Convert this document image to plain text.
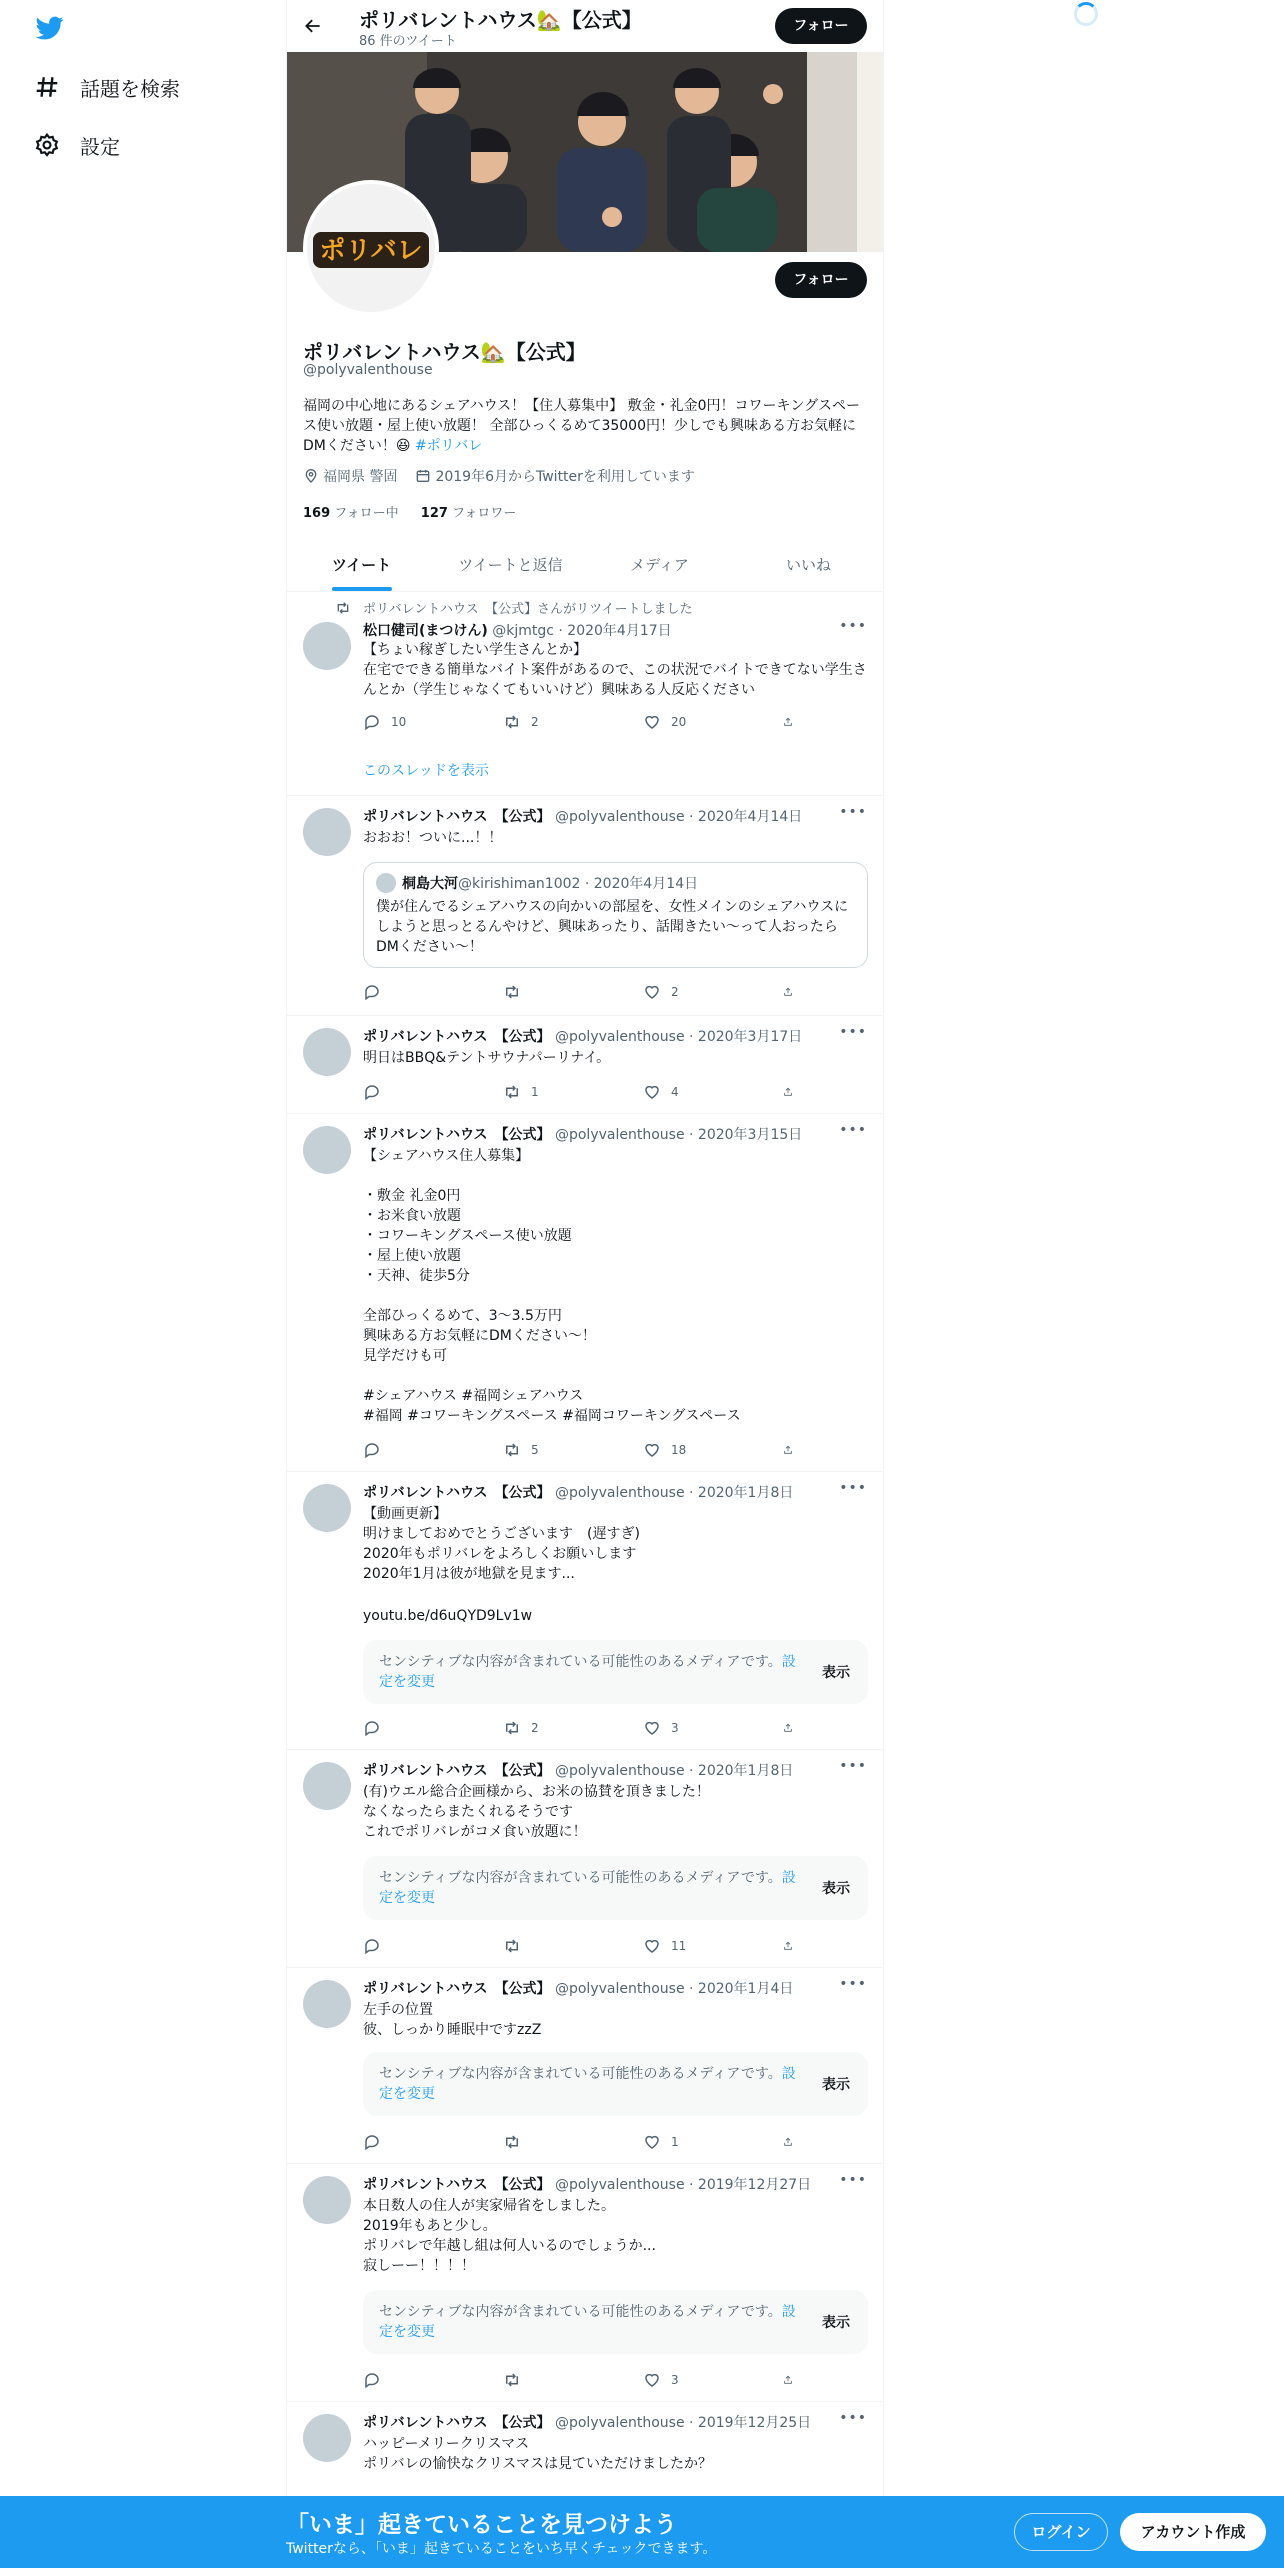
話題を検索
設定
ポリバレントハウス🏡【公式】
86 件のツイート
フォロー
ポリバレ
フォロー
ポリバレントハウス🏡【公式】
@polyvalenthouse
福岡の中心地にあるシェアハウス！【住人募集中】 敷金・礼金0円！コワーキングスペース使い放題・屋上使い放題！ 全部ひっくるめて35000円！少しでも興味ある方お気軽にDMください！😆 #ポリバレ
福岡県 警固	2019年6月からTwitterを利用しています
169 フォロー中 127 フォロワー
ツイート	ツイートと返信	メディア	いいね
ポリバレントハウス　【公式】さんがリツイートしました
松口健司(まつけん) @kjmtgc · 2020年4月17日	•••
【ちょい稼ぎしたい学生さんとか】
在宅でできる簡単なバイト案件があるので、この状況でバイトできてない学生さんとか（学生じゃなくてもいいけど）興味ある人反応ください
10	2	20
このスレッドを表示
ポリバレントハウス　【公式】 @polyvalenthouse · 2020年4月14日	•••
おおお！ついに...！！
桐島大河 @kirishiman1002 · 2020年4月14日
僕が住んでるシェアハウスの向かいの部屋を、女性メインのシェアハウスにしようと思っとるんやけど、興味あったり、話聞きたい〜って人おったらDMください〜！
2
ポリバレントハウス　【公式】 @polyvalenthouse · 2020年3月17日	•••
明日はBBQ&テントサウナパーリナイ。
1	4
ポリバレントハウス　【公式】 @polyvalenthouse · 2020年3月15日	•••
【シェアハウス住人募集】

・敷金 礼金0円
・お米食い放題
・コワーキングスペース使い放題
・屋上使い放題
・天神、徒歩5分

全部ひっくるめて、3〜3.5万円
興味ある方お気軽にDMください〜！
見学だけも可
#シェアハウス #福岡シェアハウス
#福岡 #コワーキングスペース #福岡コワーキングスペース
5	18
ポリバレントハウス　【公式】 @polyvalenthouse · 2020年1月8日	•••
【動画更新】
明けましておめでとうございます　(遅すぎ)
2020年もポリバレをよろしくお願いします
2020年1月は彼が地獄を見ます...
youtu.be/d6uQYD9Lv1w
センシティブな内容が含まれている可能性のあるメディアです。設定を変更
表示
2	3
ポリバレントハウス　【公式】 @polyvalenthouse · 2020年1月8日	•••
(有)ウエル総合企画様から、お米の協賛を頂きました！
なくなったらまたくれるそうです
これでポリバレがコメ食い放題に！
センシティブな内容が含まれている可能性のあるメディアです。設定を変更
表示
11
ポリバレントハウス　【公式】 @polyvalenthouse · 2020年1月4日	•••
左手の位置
彼、しっかり睡眠中ですzzZ
センシティブな内容が含まれている可能性のあるメディアです。設定を変更
表示
1
ポリバレントハウス　【公式】 @polyvalenthouse · 2019年12月27日 •••
本日数人の住人が実家帰省をしました。
2019年もあと少し。
ポリバレで年越し組は何人いるのでしょうか...
寂しーー！！！！
センシティブな内容が含まれている可能性のあるメディアです。設定を変更
表示
3
ポリバレントハウス　【公式】 @polyvalenthouse · 2019年12月25日 •••
ハッピーメリークリスマス
ポリバレの愉快なクリスマスは見ていただけましたか？
「いま」起きていることを見つけよう
Twitterなら、「いま」起きていることをいち早くチェックできます。
ログイン	アカウント作成
